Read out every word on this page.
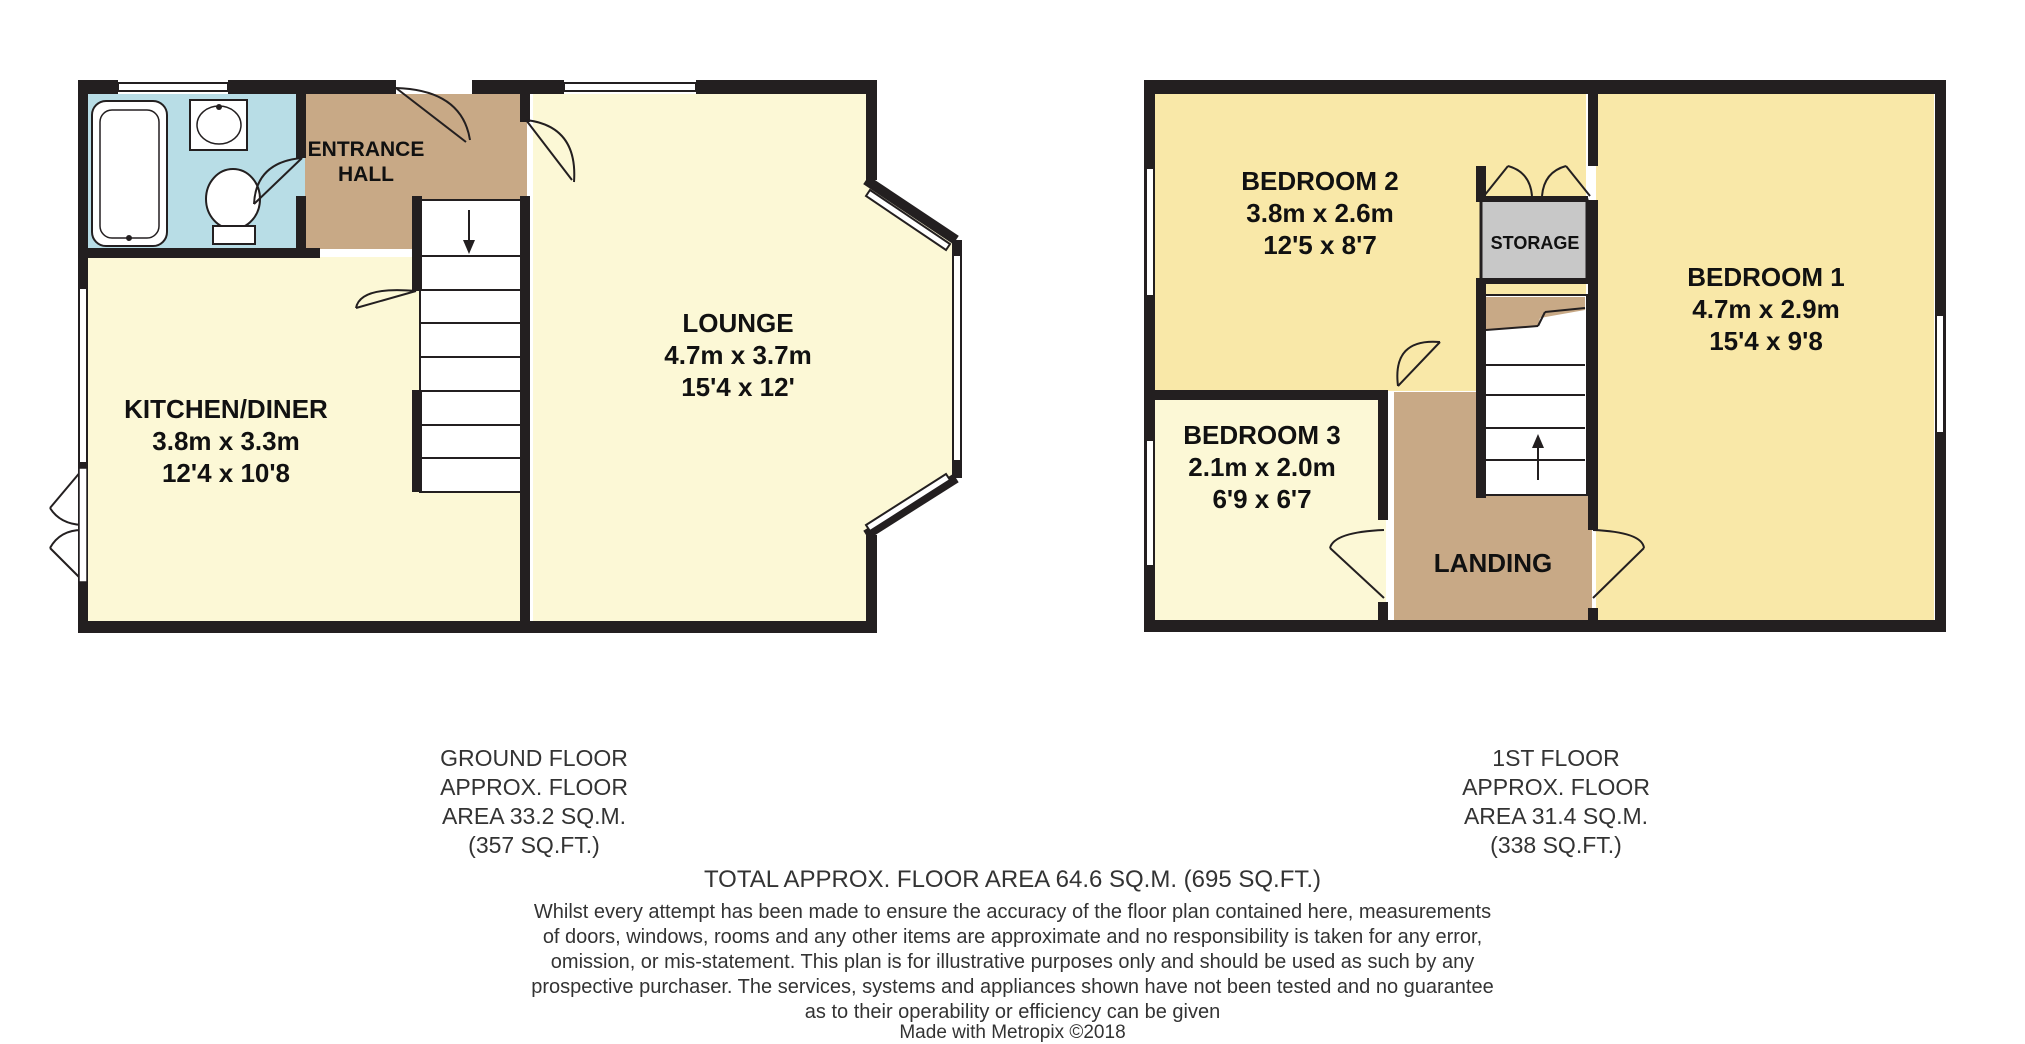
ENTRANCE
HALL
KITCHEN/DINER
3.8m x 3.3m
12'4 x 10'8
LOUNGE
4.7m x 3.7m
15'4 x 12'
BEDROOM 2
3.8m x 2.6m
12'5 x 8'7	STORAGE
BEDROOM 1
4.7m x 2.9m
15'4 x 9'8
BEDROOM 3
2.1m x 2.0m
6'9 x 6'7
LANDING
GROUND FLOOR
APPROX. FLOOR
AREA 33.2 SQ.M.
(357 SQ.FT.)
1ST FLOOR
APPROX. FLOOR
AREA 31.4 SQ.M.
(338 SQ.FT.)
TOTAL APPROX. FLOOR AREA 64.6 SQ.M. (695 SQ.FT.)
Whilst every attempt has been made to ensure the accuracy of the floor plan contained here, measurements
of doors, windows, rooms and any other items are approximate and no responsibility is taken for any error,
omission, or mis-statement. This plan is for illustrative purposes only and should be used as such by any
prospective purchaser. The services, systems and appliances shown have not been tested and no guarantee
as to their operability or efficiency can be given
Made with Metropix ©2018
